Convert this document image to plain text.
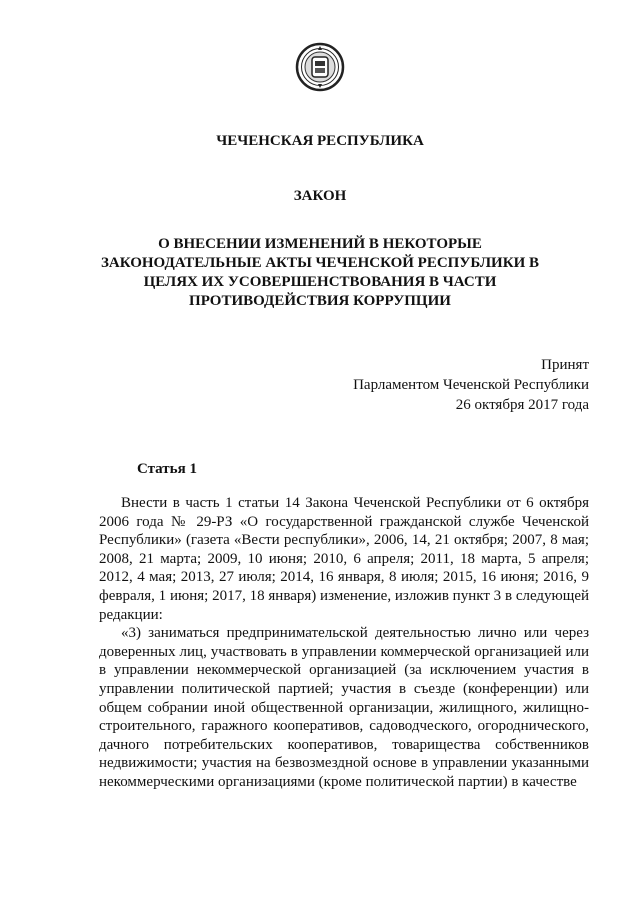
ЧЕЧЕНСКАЯ РЕСПУБЛИКА
ЗАКОН
О ВНЕСЕНИИ ИЗМЕНЕНИЙ В НЕКОТОРЫЕ ЗАКОНОДАТЕЛЬНЫЕ АКТЫ ЧЕЧЕНСКОЙ РЕСПУБЛИКИ В ЦЕЛЯХ ИХ УСОВЕРШЕНСТВОВАНИЯ В ЧАСТИ ПРОТИВОДЕЙСТВИЯ КОРРУПЦИИ
Принят
Парламентом Чеченской Республики
26 октября 2017 года
Статья 1

Внести в часть 1 статьи 14 Закона Чеченской Республики от 6 октября 2006 года № 29-РЗ «О государственной гражданской службе Чеченской Республики» (газета «Вести республики», 2006, 14, 21 октября; 2007, 8 мая; 2008, 21 марта; 2009, 10 июня; 2010, 6 апреля; 2011, 18 марта, 5 апреля; 2012, 4 мая; 2013, 27 июля; 2014, 16 января, 8 июля; 2015, 16 июня; 2016, 9 февраля, 1 июня; 2017, 18 января) изменение, изложив пункт 3 в следующей редакции:

«3) заниматься предпринимательской деятельностью лично или через доверенных лиц, участвовать в управлении коммерческой организацией или в управлении некоммерческой организацией (за исключением участия в управлении политической партией; участия в съезде (конференции) или общем собрании иной общественной организации, жилищного, жилищно-строительного, гаражного кооперативов, садоводческого, огороднического, дачного потребительских кооперативов, товарищества собственников недвижимости; участия на безвозмездной основе в управлении указанными некоммерческими организациями (кроме политической партии) в качестве
